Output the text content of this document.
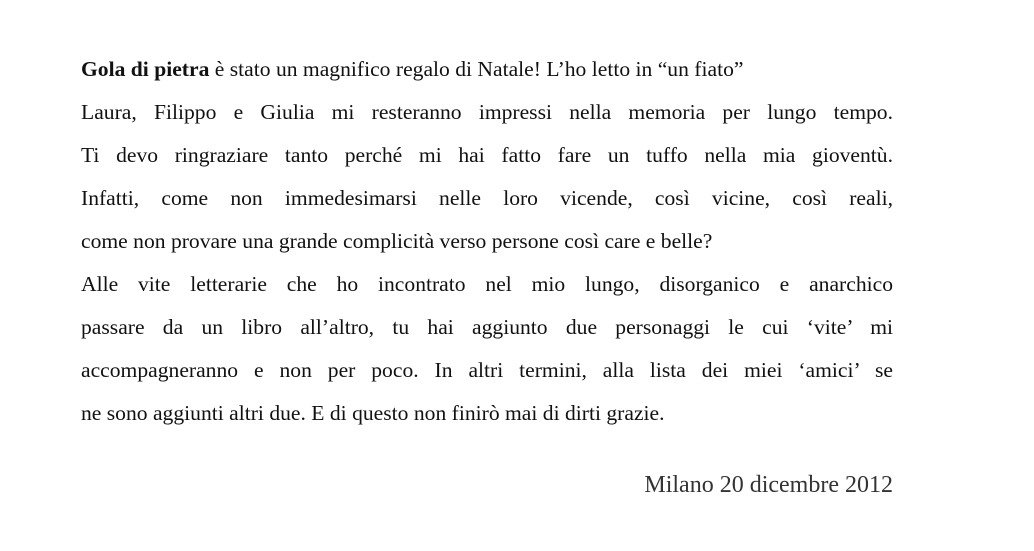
Gola di pietra è stato un magnifico regalo di Natale! L’ho letto in “un fiato”
Laura, Filippo e Giulia mi resteranno impressi nella memoria per lungo tempo.
Ti devo ringraziare tanto perché mi hai fatto fare un tuffo nella mia gioventù.
Infatti, come non immedesimarsi nelle loro vicende, così vicine, così reali,
come non provare una grande complicità verso persone così care e belle?
Alle vite letterarie che ho incontrato nel mio lungo, disorganico e anarchico
passare da un libro all’altro, tu hai aggiunto due personaggi le cui ‘vite’ mi
accompagneranno e non per poco. In altri termini, alla lista dei miei ‘amici’ se
ne sono aggiunti altri due. E di questo non finirò mai di dirti grazie.
Milano 20 dicembre 2012
